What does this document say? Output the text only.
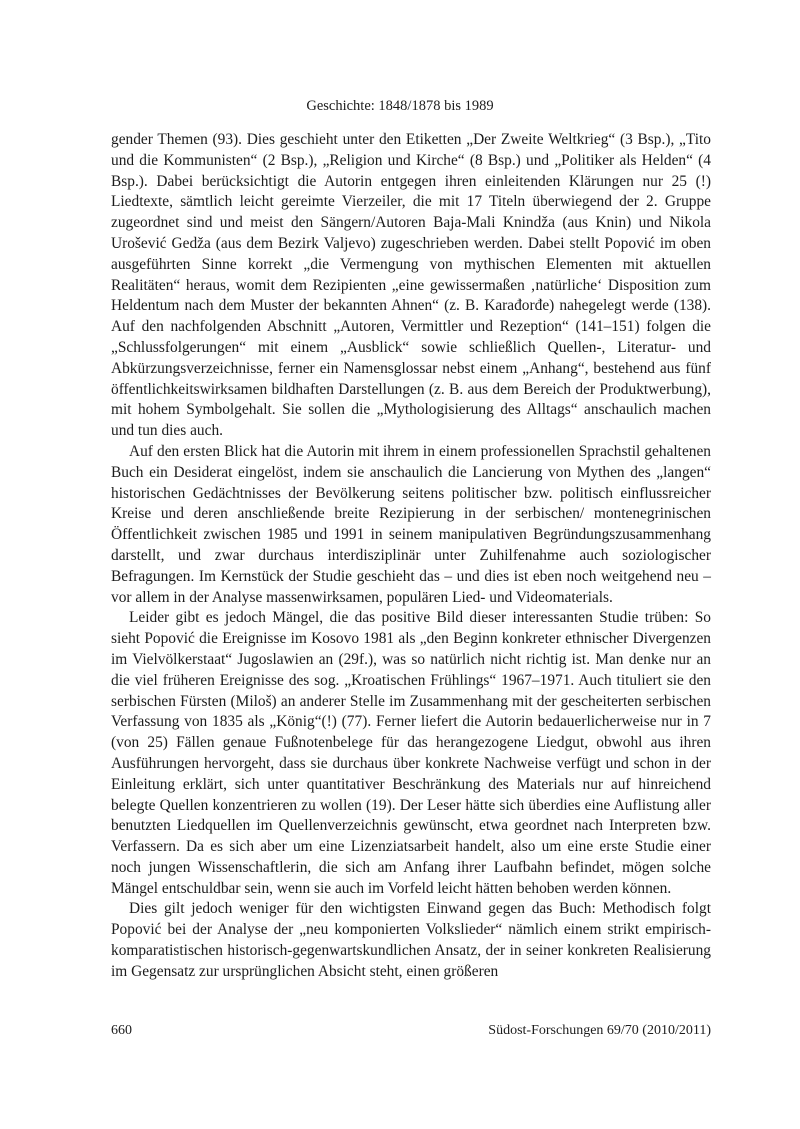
Geschichte: 1848/1878 bis 1989

gender Themen (93). Dies geschieht unter den Etiketten „Der Zweite Weltkrieg“ (3 Bsp.), „Tito und die Kommunisten“ (2 Bsp.), „Religion und Kirche“ (8 Bsp.) und „Politiker als Helden“ (4 Bsp.). Dabei berücksichtigt die Autorin entgegen ihren einleitenden Klärungen nur 25 (!) Liedtexte, sämtlich leicht gereimte Vierzeiler, die mit 17 Titeln überwiegend der 2. Gruppe zugeordnet sind und meist den Sängern/Autoren Baja-Mali Knindža (aus Knin) und Nikola Urošević Gedža (aus dem Bezirk Valjevo) zugeschrieben werden. Dabei stellt Popović im oben ausgeführten Sinne korrekt „die Vermengung von mythischen Elementen mit aktuellen Realitäten“ heraus, womit dem Rezipienten „eine gewissermaßen ‚natürliche‘ Disposition zum Heldentum nach dem Muster der bekannten Ahnen“ (z. B. Karađorđe) nahegelegt werde (138). Auf den nachfolgenden Abschnitt „Autoren, Vermittler und Rezeption“ (141–151) folgen die „Schlussfolgerungen“ mit einem „Ausblick“ sowie schließlich Quellen-, Literatur- und Abkürzungsverzeichnisse, ferner ein Namensglossar nebst einem „Anhang“, bestehend aus fünf öffentlichkeitswirksamen bildhaften Darstellungen (z. B. aus dem Bereich der Produktwerbung), mit hohem Symbolgehalt. Sie sollen die „Mythologisierung des Alltags“ anschaulich machen und tun dies auch.

Auf den ersten Blick hat die Autorin mit ihrem in einem professionellen Sprachstil gehaltenen Buch ein Desiderat eingelöst, indem sie anschaulich die Lancierung von Mythen des „langen“ historischen Gedächtnisses der Bevölkerung seitens politischer bzw. politisch einflussreicher Kreise und deren anschließende breite Rezipierung in der serbischen/ montenegrinischen Öffentlichkeit zwischen 1985 und 1991 in seinem manipulativen Begründungszusammenhang darstellt, und zwar durchaus interdisziplinär unter Zuhilfenahme auch soziologischer Befragungen. Im Kernstück der Studie geschieht das – und dies ist eben noch weitgehend neu – vor allem in der Analyse massenwirksamen, populären Lied- und Videomaterials.

Leider gibt es jedoch Mängel, die das positive Bild dieser interessanten Studie trüben: So sieht Popović die Ereignisse im Kosovo 1981 als „den Beginn konkreter ethnischer Divergenzen im Vielvölkerstaat“ Jugoslawien an (29f.), was so natürlich nicht richtig ist. Man denke nur an die viel früheren Ereignisse des sog. „Kroatischen Frühlings“ 1967–1971. Auch tituliert sie den serbischen Fürsten (Miloš) an anderer Stelle im Zusammenhang mit der gescheiterten serbischen Verfassung von 1835 als „König“(!) (77). Ferner liefert die Autorin bedauerlicherweise nur in 7 (von 25) Fällen genaue Fußnotenbelege für das herangezogene Liedgut, obwohl aus ihren Ausführungen hervorgeht, dass sie durchaus über konkrete Nachweise verfügt und schon in der Einleitung erklärt, sich unter quantitativer Beschränkung des Materials nur auf hinreichend belegte Quellen konzentrieren zu wollen (19). Der Leser hätte sich überdies eine Auflistung aller benutzten Liedquellen im Quellenverzeichnis gewünscht, etwa geordnet nach Interpreten bzw. Verfassern. Da es sich aber um eine Lizenziatsarbeit handelt, also um eine erste Studie einer noch jungen Wissenschaftlerin, die sich am Anfang ihrer Laufbahn befindet, mögen solche Mängel entschuldbar sein, wenn sie auch im Vorfeld leicht hätten behoben werden können.

Dies gilt jedoch weniger für den wichtigsten Einwand gegen das Buch: Methodisch folgt Popović bei der Analyse der „neu komponierten Volkslieder“ nämlich einem strikt empirisch-komparatistischen historisch-gegenwartskundlichen Ansatz, der in seiner konkreten Realisierung im Gegensatz zur ursprünglichen Absicht steht, einen größeren

660	Südost-Forschungen 69/70 (2010/2011)
